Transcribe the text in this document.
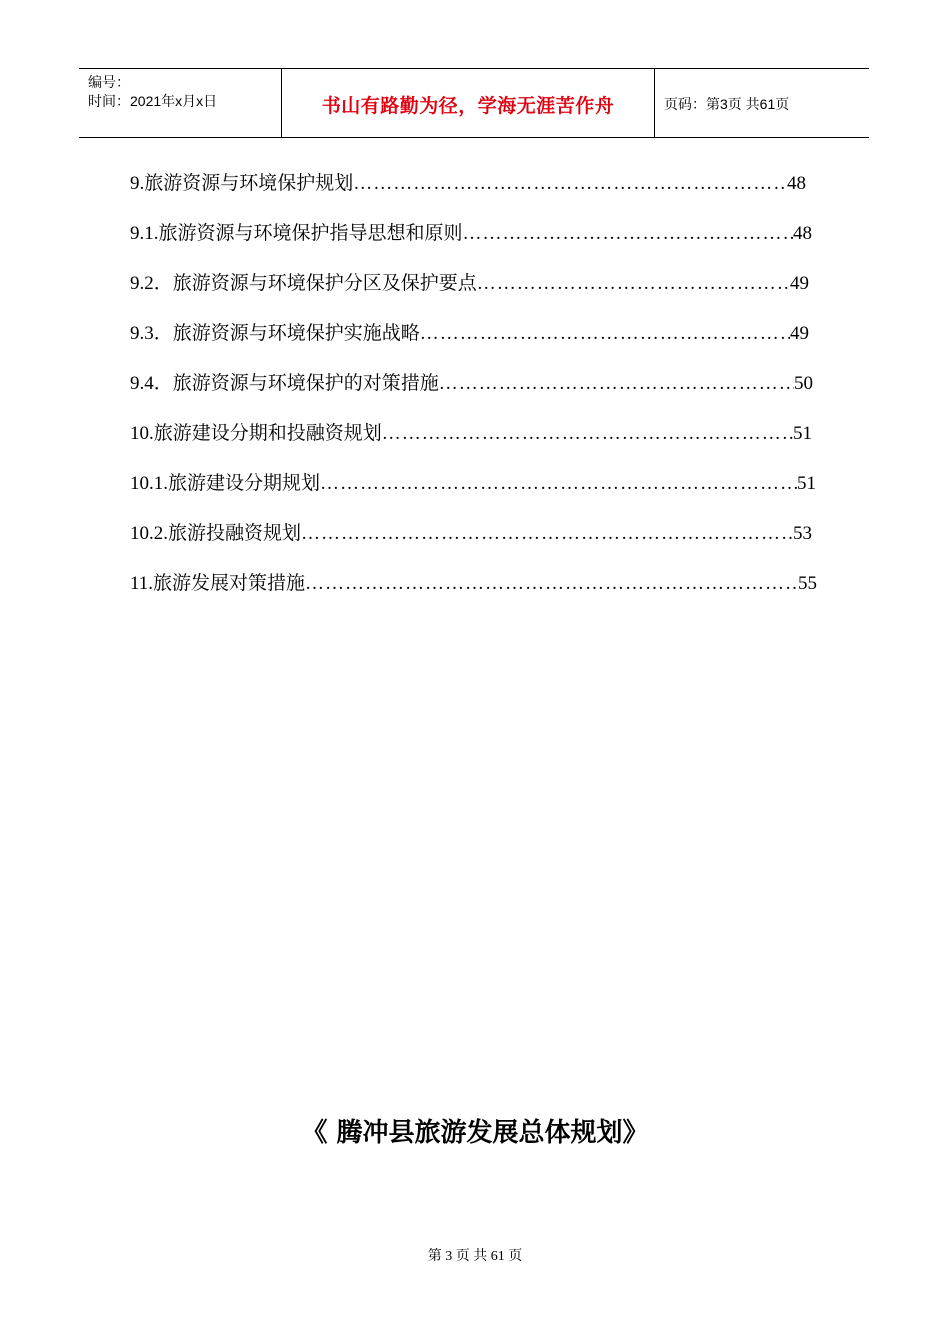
编号：
时间：2021年x月x日	书山有路勤为径，学海无涯苦作舟	页码：第3页 共61页
9.旅游资源与环境保护规划 ……………………………………………………………………………………………………………………………………………	48
9.1.旅游资源与环境保护指导思想和原则 ……………………………………………………………………………………………………………………………………………	48
9.2．旅游资源与环境保护分区及保护要点 ……………………………………………………………………………………………………………………………………………	49
9.3．旅游资源与环境保护实施战略 ……………………………………………………………………………………………………………………………………………	49
9.4．旅游资源与环境保护的对策措施 ……………………………………………………………………………………………………………………………………………	50
10.旅游建设分期和投融资规划 ……………………………………………………………………………………………………………………………………………	51
10.1.旅游建设分期规划 ……………………………………………………………………………………………………………………………………………	51
10.2.旅游投融资规划 ……………………………………………………………………………………………………………………………………………	53
11.旅游发展对策措施 ……………………………………………………………………………………………………………………………………………	55
《 腾冲县旅游发展总体规划》
第 3 页 共 61 页
